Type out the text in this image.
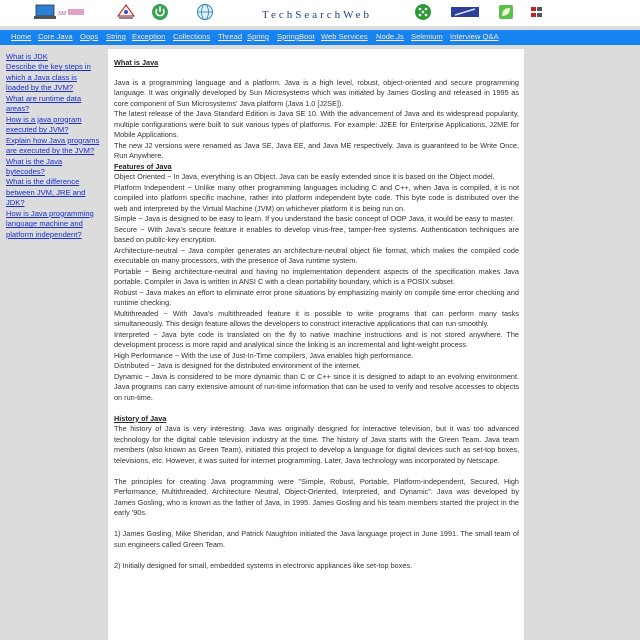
SM	TechSearchWeb
Home Core Java Oops String Exception Collections Thread Spring SpringBoot Web Services Node.Js Selenium Interview Q&A
What is JDK
Describe the key steps in which a Java class is loaded by the JVM?
What are runtime data areas?
How is a java program executed by JVM?
Explain how Java programs are executed by the JVM?
What is the Java bytecodes?
What is the difference between JVM, JRE and JDK?
How is Java programming language machine and platform independent?
What is Java

Java is a programming language and a platform. Java is a high level, robust, object-oriented and secure programming language. It was originally developed by Sun Microsystems which was initiated by James Gosling and released in 1995 as core component of Sun Microsystems' Java platform (Java 1.0 [J2SE]).

The latest release of the Java Standard Edition is Java SE 10. With the advancement of Java and its widespread popularity, multiple configurations were built to suit various types of platforms. For example: J2EE for Enterprise Applications, J2ME for Mobile Applications.

The new J2 versions were renamed as Java SE, Java EE, and Java ME respectively. Java is guaranteed to be Write Once, Run Anywhere.

Features of Java

Object Oriented − In Java, everything is an Object. Java can be easily extended since it is based on the Object model.

Platform Independent − Unlike many other programming languages including C and C++, when Java is compiled, it is not compiled into platform specific machine, rather into platform independent byte code. This byte code is distributed over the web and interpreted by the Virtual Machine (JVM) on whichever platform it is being run on.

Simple − Java is designed to be easy to learn. If you understand the basic concept of OOP Java, it would be easy to master.

Secure − With Java's secure feature it enables to develop virus-free, tamper-free systems. Authentication techniques are based on public-key encryption.

Architecture-neutral − Java compiler generates an architecture-neutral object file format, which makes the compiled code executable on many processors, with the presence of Java runtime system.

Portable − Being architecture-neutral and having no implementation dependent aspects of the specification makes Java portable. Compiler in Java is written in ANSI C with a clean portability boundary, which is a POSIX subset.

Robust − Java makes an effort to eliminate error prone situations by emphasizing mainly on compile time error checking and runtime checking.

Multithreaded − With Java's multithreaded feature it is possible to write programs that can perform many tasks simultaneously. This design feature allows the developers to construct interactive applications that can run smoothly.

Interpreted − Java byte code is translated on the fly to native machine instructions and is not stored anywhere. The development process is more rapid and analytical since the linking is an incremental and light-weight process.

High Performance − With the use of Just-In-Time compilers, Java enables high performance.

Distributed − Java is designed for the distributed environment of the internet.

Dynamic − Java is considered to be more dynamic than C or C++ since it is designed to adapt to an evolving environment. Java programs can carry extensive amount of run-time information that can be used to verify and resolve accesses to objects on run-time.

History of Java

The history of Java is very interesting. Java was originally designed for interactive television, but it was too advanced technology for the digital cable television industry at the time. The history of Java starts with the Green Team. Java team members (also known as Green Team), initiated this project to develop a language for digital devices such as set-top boxes, televisions, etc. However, it was suited for internet programming. Later, Java technology was incorporated by Netscape.

The principles for creating Java programming were "Simple, Robust, Portable, Platform-independent, Secured, High Performance, Multithreaded, Architecture Neutral, Object-Oriented, Interpreted, and Dynamic". Java was developed by James Gosling, who is known as the father of Java, in 1995. James Gosling and his team members started the project in the early '90s.

1) James Gosling, Mike Sheridan, and Patrick Naughton initiated the Java language project in June 1991. The small team of sun engineers called Green Team.

2) Initially designed for small, embedded systems in electronic appliances like set-top boxes.
